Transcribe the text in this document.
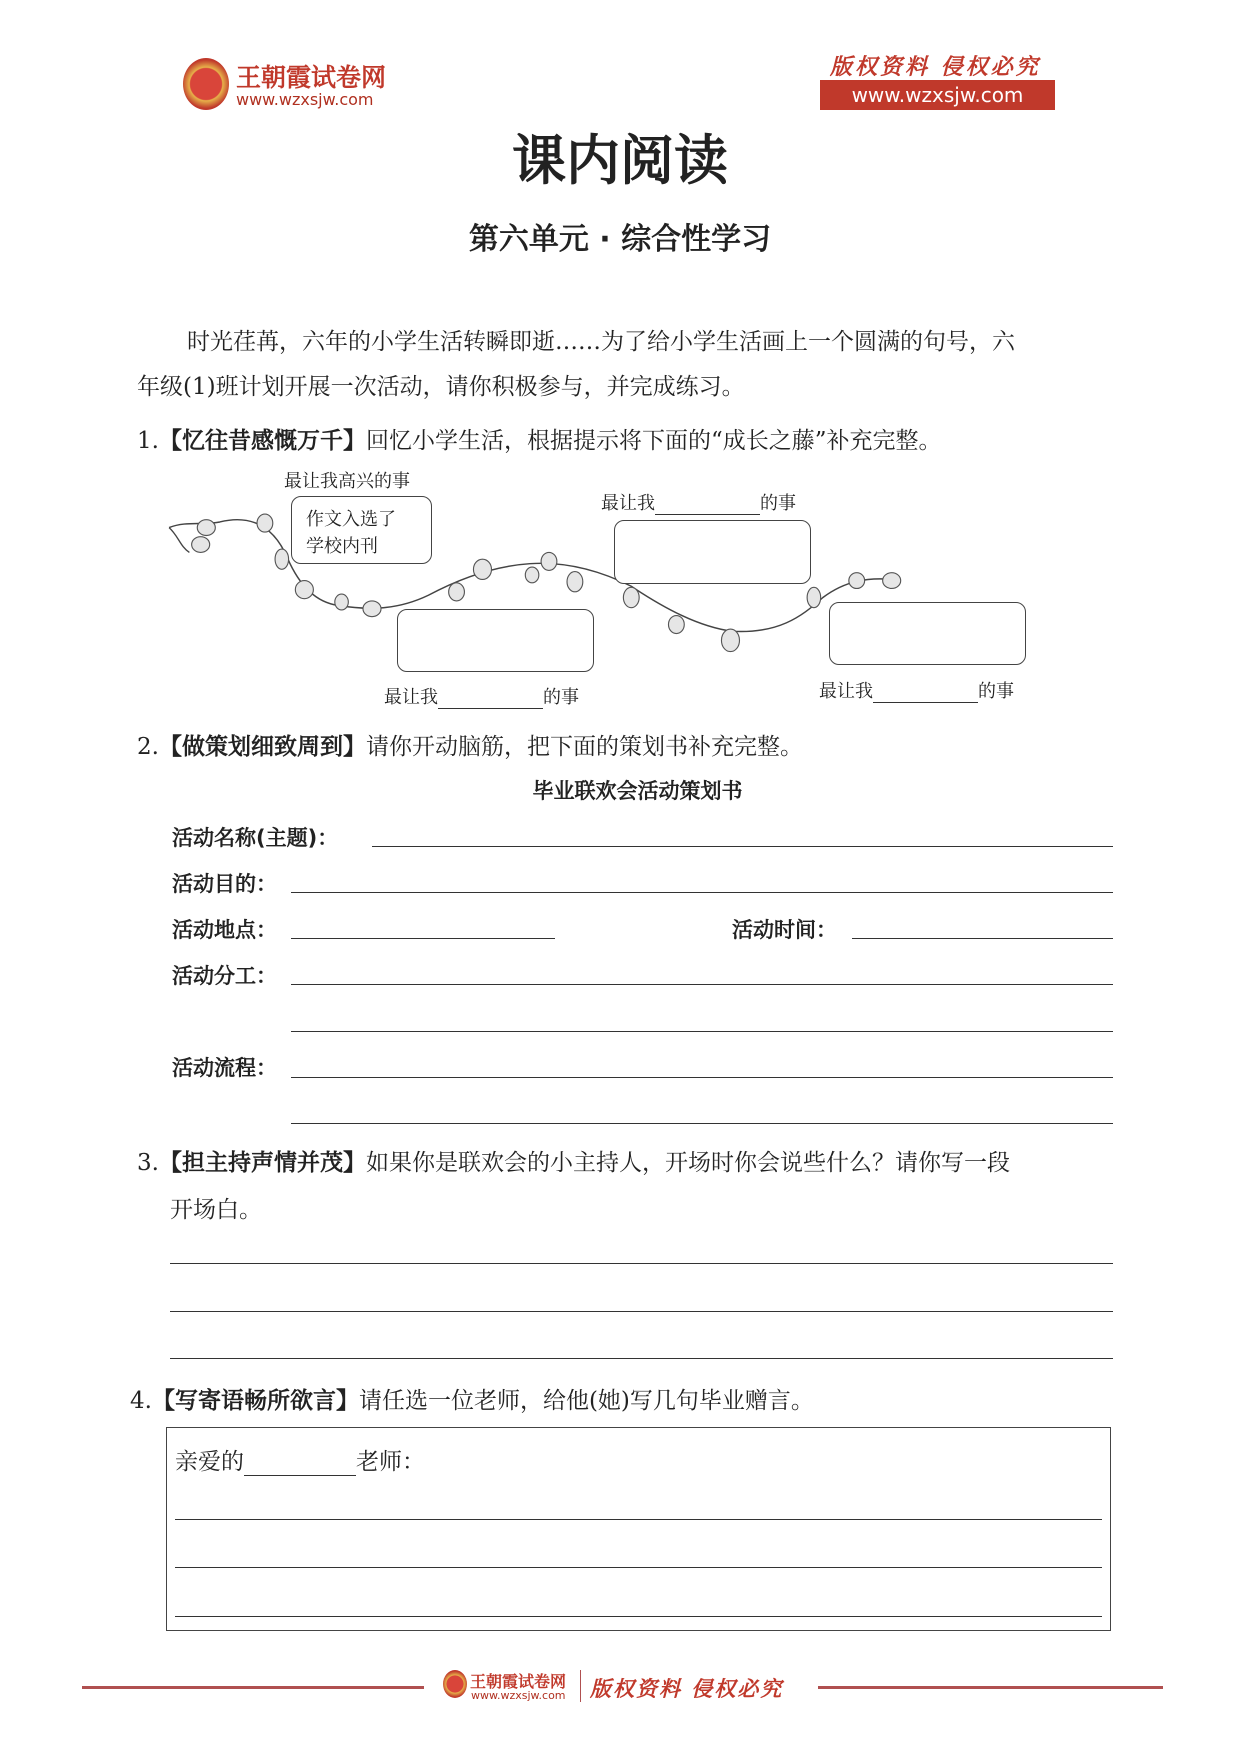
王朝霞试卷网
www.wzxsjw.com
版权资料 侵权必究
www.wzxsjw.com
课内阅读
第六单元 · 综合性学习
时光荏苒，六年的小学生活转瞬即逝……为了给小学生活画上一个圆满的句号，六
年级(1)班计划开展一次活动，请你积极参与，并完成练习。
1.【忆往昔感慨万千】回忆小学生活，根据提示将下面的“成长之藤”补充完整。
最让我高兴的事
作文入选了
学校内刊
最让我	的事
最让我	的事	最让我	的事
2.【做策划细致周到】请你开动脑筋，把下面的策划书补充完整。
毕业联欢会活动策划书
活动名称(主题)：
活动目的：
活动地点：	活动时间：
活动分工：
活动流程：
3.【担主持声情并茂】如果你是联欢会的小主持人，开场时你会说些什么？请你写一段
开场白。
4.【写寄语畅所欲言】请任选一位老师，给他(她)写几句毕业赠言。
亲爱的	老师：
王朝霞试卷网
www.wzxsjw.com 版权资料 侵权必究
